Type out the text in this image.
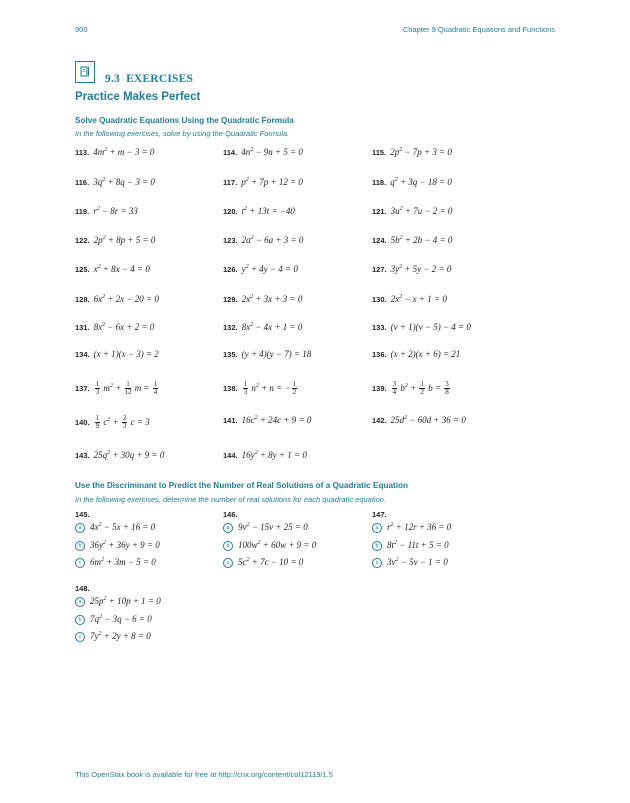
900	Chapter 9 Quadratic Equations and Functions
9.3 EXERCISES
Practice Makes Perfect
Solve Quadratic Equations Using the Quadratic Formula
In the following exercises, solve by using the Quadratic Formula.
113. $4m^2 + m - 3 = 0$	114. $4n^2 - 9n + 5 = 0$	115. $2p^2 - 7p + 3 = 0$
116. $3q^2 + 8q - 3 = 0$	117. $p^2 + 7p + 12 = 0$	118. $q^2 + 3q - 18 = 0$
119. $r^2 - 8r = 33$	120. $t^2 + 13t = -40$	121. $3u^2 + 7u - 2 = 0$
122. $2p^2 + 8p + 5 = 0$	123. $2a^2 - 6a + 3 = 0$	124. $5b^2 + 2b - 4 = 0$
125. $x^2 + 8x - 4 = 0$	126. $y^2 + 4y - 4 = 0$	127. $3y^2 + 5y - 2 = 0$
128. $6x^2 + 2x - 20 = 0$	129. $2x^2 + 3x + 3 = 0$	130. $2x^2 - x + 1 = 0$
131. $8x^2 - 6x + 2 = 0$	132. $8x^2 - 4x + 1 = 0$	133. (v + 1)(v − 5) − 4 = 0
134. (x + 1)(x − 3) = 2	135. (y + 4)(y − 7) = 18	136. (x + 2)(x + 6) = 21
137. $\frac{1}{3} m^2 + \frac{1}{12}$ $m = \frac{1}{4}$	138. $\frac{1}{3} n^2 + n$ = − $\frac{1}{2}$	139. $\frac{3}{4} b^2 + \frac{1}{2}$ $b = \frac{3}{8}$
140. $\frac{1}{9} c^2 + \frac{2}{3}$ c = 3	141. $16c^2 + 24c + 9 = 0$	142. $25d^2 - 60d + 36 = 0$
143. $25q^2 + 30q + 9 = 0$	144. $16y^2 + 8y + 1 = 0$
Use the Discriminant to Predict the Number of Real Solutions of a Quadratic Equation
In the following exercises, determine the number of real solutions for each quadratic equation.
145.
a $4x^2 - 5x + 16 = 0$
b $36y^2 + 36y + 9 = 0$
c $6m^2 + 3m - 5 = 0$
146.
a $9v^2 - 15v + 25 = 0$
b $100w^2 + 60w + 9 = 0$
c $5c^2 + 7c - 10 = 0$
147.
a $r^2 + 12r + 36 = 0$
b $8t^2 - 11t + 5 = 0$
c $3v^2 - 5v - 1 = 0$
148.
a $25p^2 + 10p + 1 = 0$
b $7q^2 - 3q - 6 = 0$
c $7y^2 + 2y + 8 = 0$
This OpenStax book is available for free at http://cnx.org/content/col12119/1.5
